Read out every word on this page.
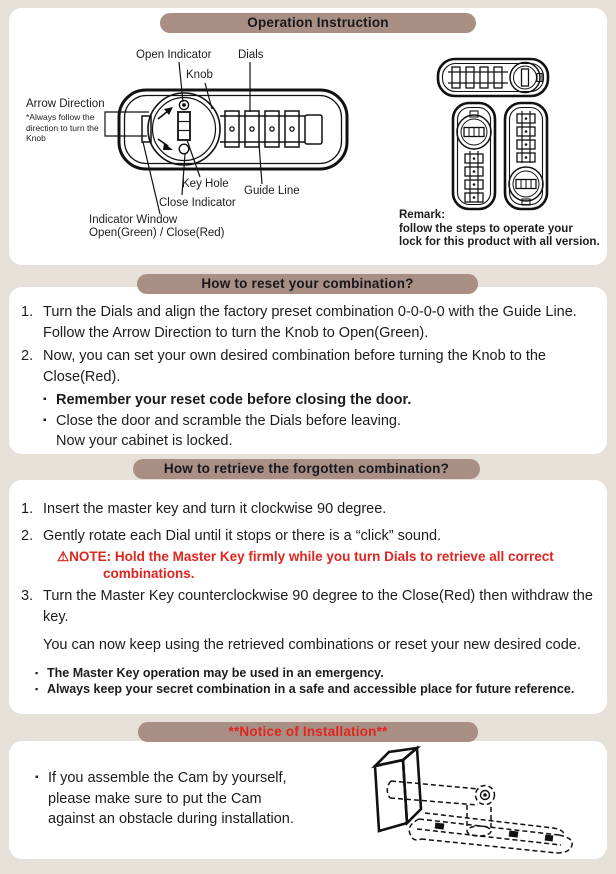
Open Indicator
Knob
Dials
Arrow Direction
*Always follow the
direction to turn the
Knob
Key Hole
Guide Line
Close Indicator
Indicator Window
Open(Green) / Close(Red)
Remark:
follow the steps to operate your
lock for this product with all version.
1. Turn the Dials and align the factory preset combination 0-0-0-0 with the Guide Line. Follow the Arrow Direction to turn the Knob to Open(Green).
2. Now, you can set your own desired combination before turning the Knob to the Close(Red).
▪ Remember your reset code before closing the door.
▪ Close the door and scramble the Dials before leaving.
Now your cabinet is locked.
1. Insert the master key and turn it clockwise 90 degree.
2. Gently rotate each Dial until it stops or there is a “click” sound.
⚠NOTE: Hold the Master Key firmly while you turn Dials to retrieve all correct combinations.
3. Turn the Master Key counterclockwise 90 degree to the Close(Red) then withdraw the key.
You can now keep using the retrieved combinations or reset your new desired code.
▪ The Master Key operation may be used in an emergency.
▪ Always keep your secret combination in a safe and accessible place for future reference.
▪ If you assemble the Cam by yourself,
please make sure to put the Cam
against an obstacle during installation.
Operation Instruction
How to reset your combination?
How to retrieve the forgotten combination?
**Notice of Installation**
